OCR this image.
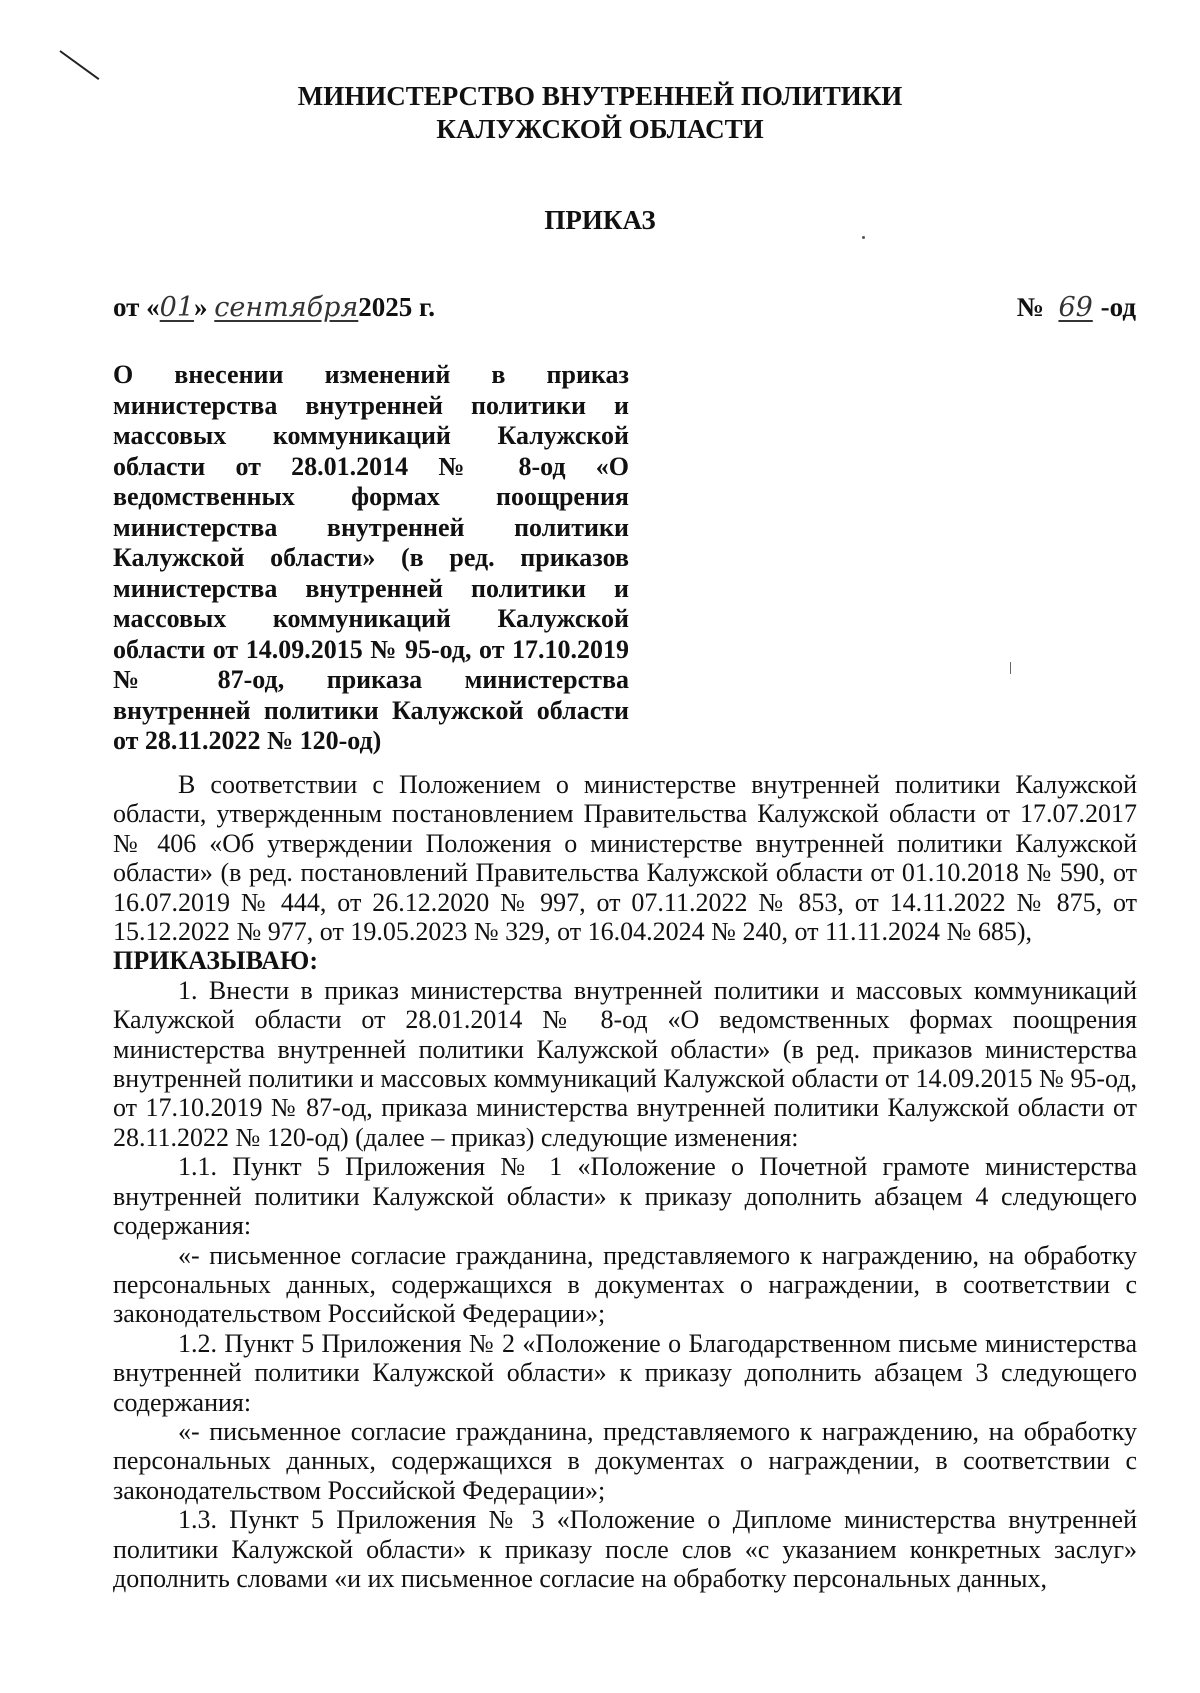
МИНИСТЕРСТВО ВНУТРЕННЕЙ ПОЛИТИКИ
КАЛУЖСКОЙ ОБЛАСТИ
ПРИКАЗ
от «01» сентября2025 г.	№ 69 -од
О внесении изменений в приказ министерства внутренней политики и массовых коммуникаций Калужской области от 28.01.2014 № 8-од «О ведомственных формах поощрения министерства внутренней политики Калужской области» (в ред. приказов министерства внутренней политики и массовых коммуникаций Калужской области от 14.09.2015 № 95-од, от 17.10.2019 № 87-од, приказа министерства внутренней политики Калужской области от 28.11.2022 № 120-од)

В соответствии с Положением о министерстве внутренней политики Калужской области, утвержденным постановлением Правительства Калужской области от 17.07.2017 № 406 «Об утверждении Положения о министерстве внутренней политики Калужской области» (в ред. постановлений Правительства Калужской области от 01.10.2018 № 590, от 16.07.2019 № 444, от 26.12.2020 № 997, от 07.11.2022 № 853, от 14.11.2022 № 875, от 15.12.2022 № 977, от 19.05.2023 № 329, от 16.04.2024 № 240, от 11.11.2024 № 685),

ПРИКАЗЫВАЮ:

1. Внести в приказ министерства внутренней политики и массовых коммуникаций Калужской области от 28.01.2014 № 8-од «О ведомственных формах поощрения министерства внутренней политики Калужской области» (в ред. приказов министерства внутренней политики и массовых коммуникаций Калужской области от 14.09.2015 № 95-од, от 17.10.2019 № 87-од, приказа министерства внутренней политики Калужской области от 28.11.2022 № 120-од) (далее – приказ) следующие изменения:

1.1. Пункт 5 Приложения № 1 «Положение о Почетной грамоте министерства внутренней политики Калужской области» к приказу дополнить абзацем 4 следующего содержания:

«- письменное согласие гражданина, представляемого к награждению, на обработку персональных данных, содержащихся в документах о награждении, в соответствии с законодательством Российской Федерации»;

1.2. Пункт 5 Приложения № 2 «Положение о Благодарственном письме министерства внутренней политики Калужской области» к приказу дополнить абзацем 3 следующего содержания:

«- письменное согласие гражданина, представляемого к награждению, на обработку персональных данных, содержащихся в документах о награждении, в соответствии с законодательством Российской Федерации»;

1.3. Пункт 5 Приложения № 3 «Положение о Дипломе министерства внутренней политики Калужской области» к приказу после слов «с указанием конкретных заслуг» дополнить словами «и их письменное согласие на обработку персональных данных,
